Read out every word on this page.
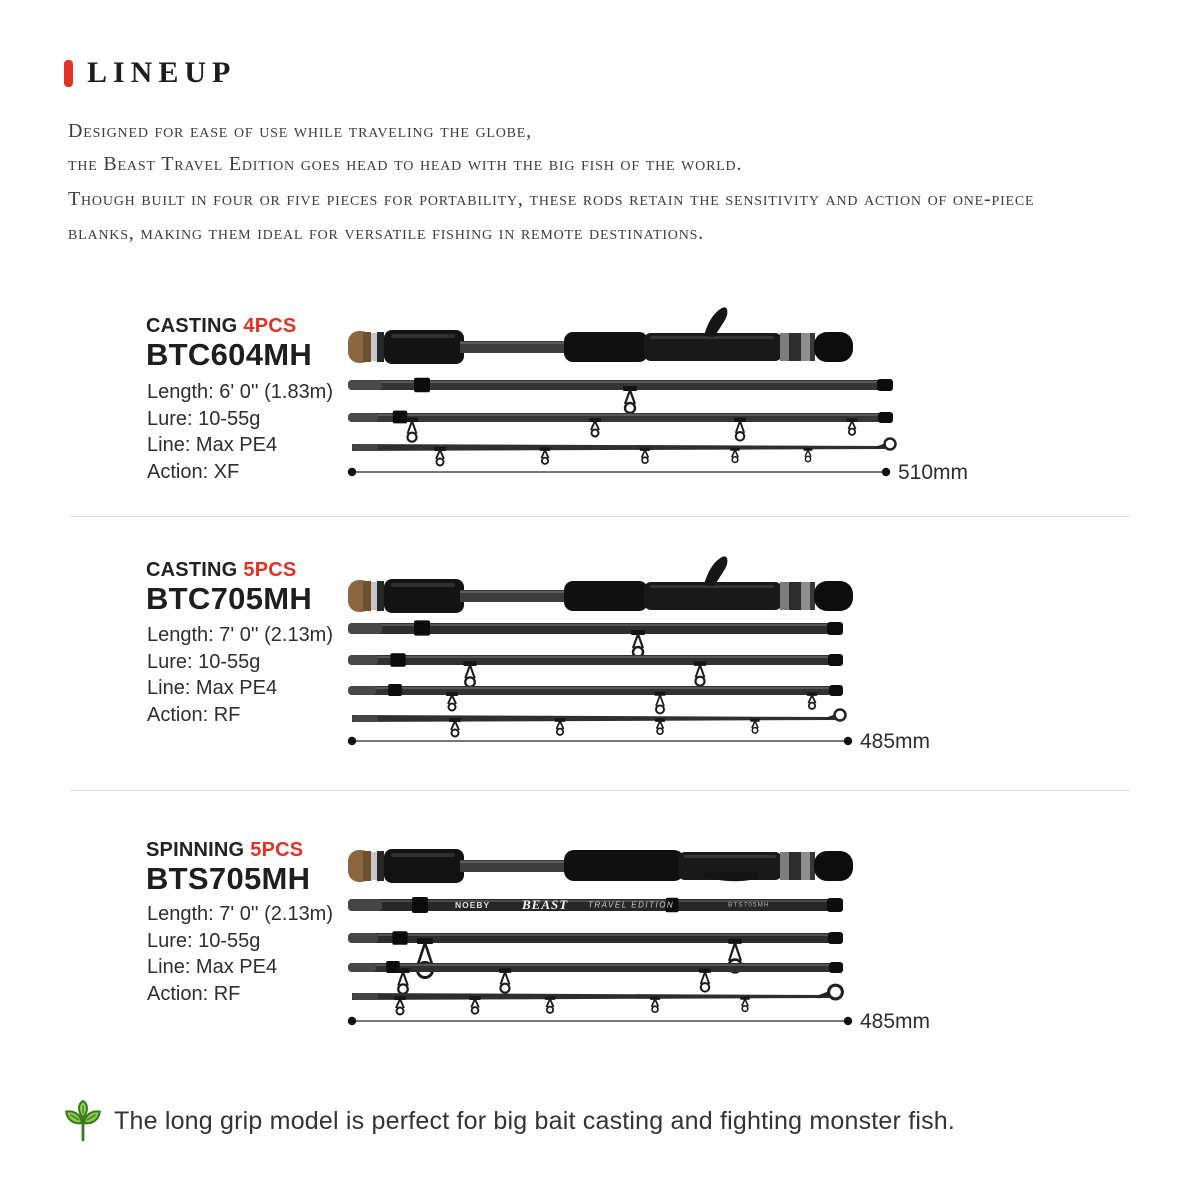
LINEUP
Designed for ease of use while traveling the globe,
the Beast Travel Edition goes head to head with the big fish of the world.
Though built in four or five pieces for portability, these rods retain the sensitivity and action of one-piece
blanks, making them ideal for versatile fishing in remote destinations.
CASTING 4PCS
BTC604MH
Length: 6' 0'' (1.83m)
Lure: 10-55g
Line: Max PE4
Action: XF	510mm
CASTING 5PCS
BTC705MH
Length: 7' 0'' (2.13m)
Lure: 10-55g
Line: Max PE4
Action: RF
485mm
SPINNING 5PCS
BTS705MH
Length: 7' 0'' (2.13m)
Lure: 10-55g
Line: Max PE4
Action: RF
485mm
NOEBY BEAST TRAVEL EDITION	BTS705MH
The long grip model is perfect for big bait casting and fighting monster fish.
